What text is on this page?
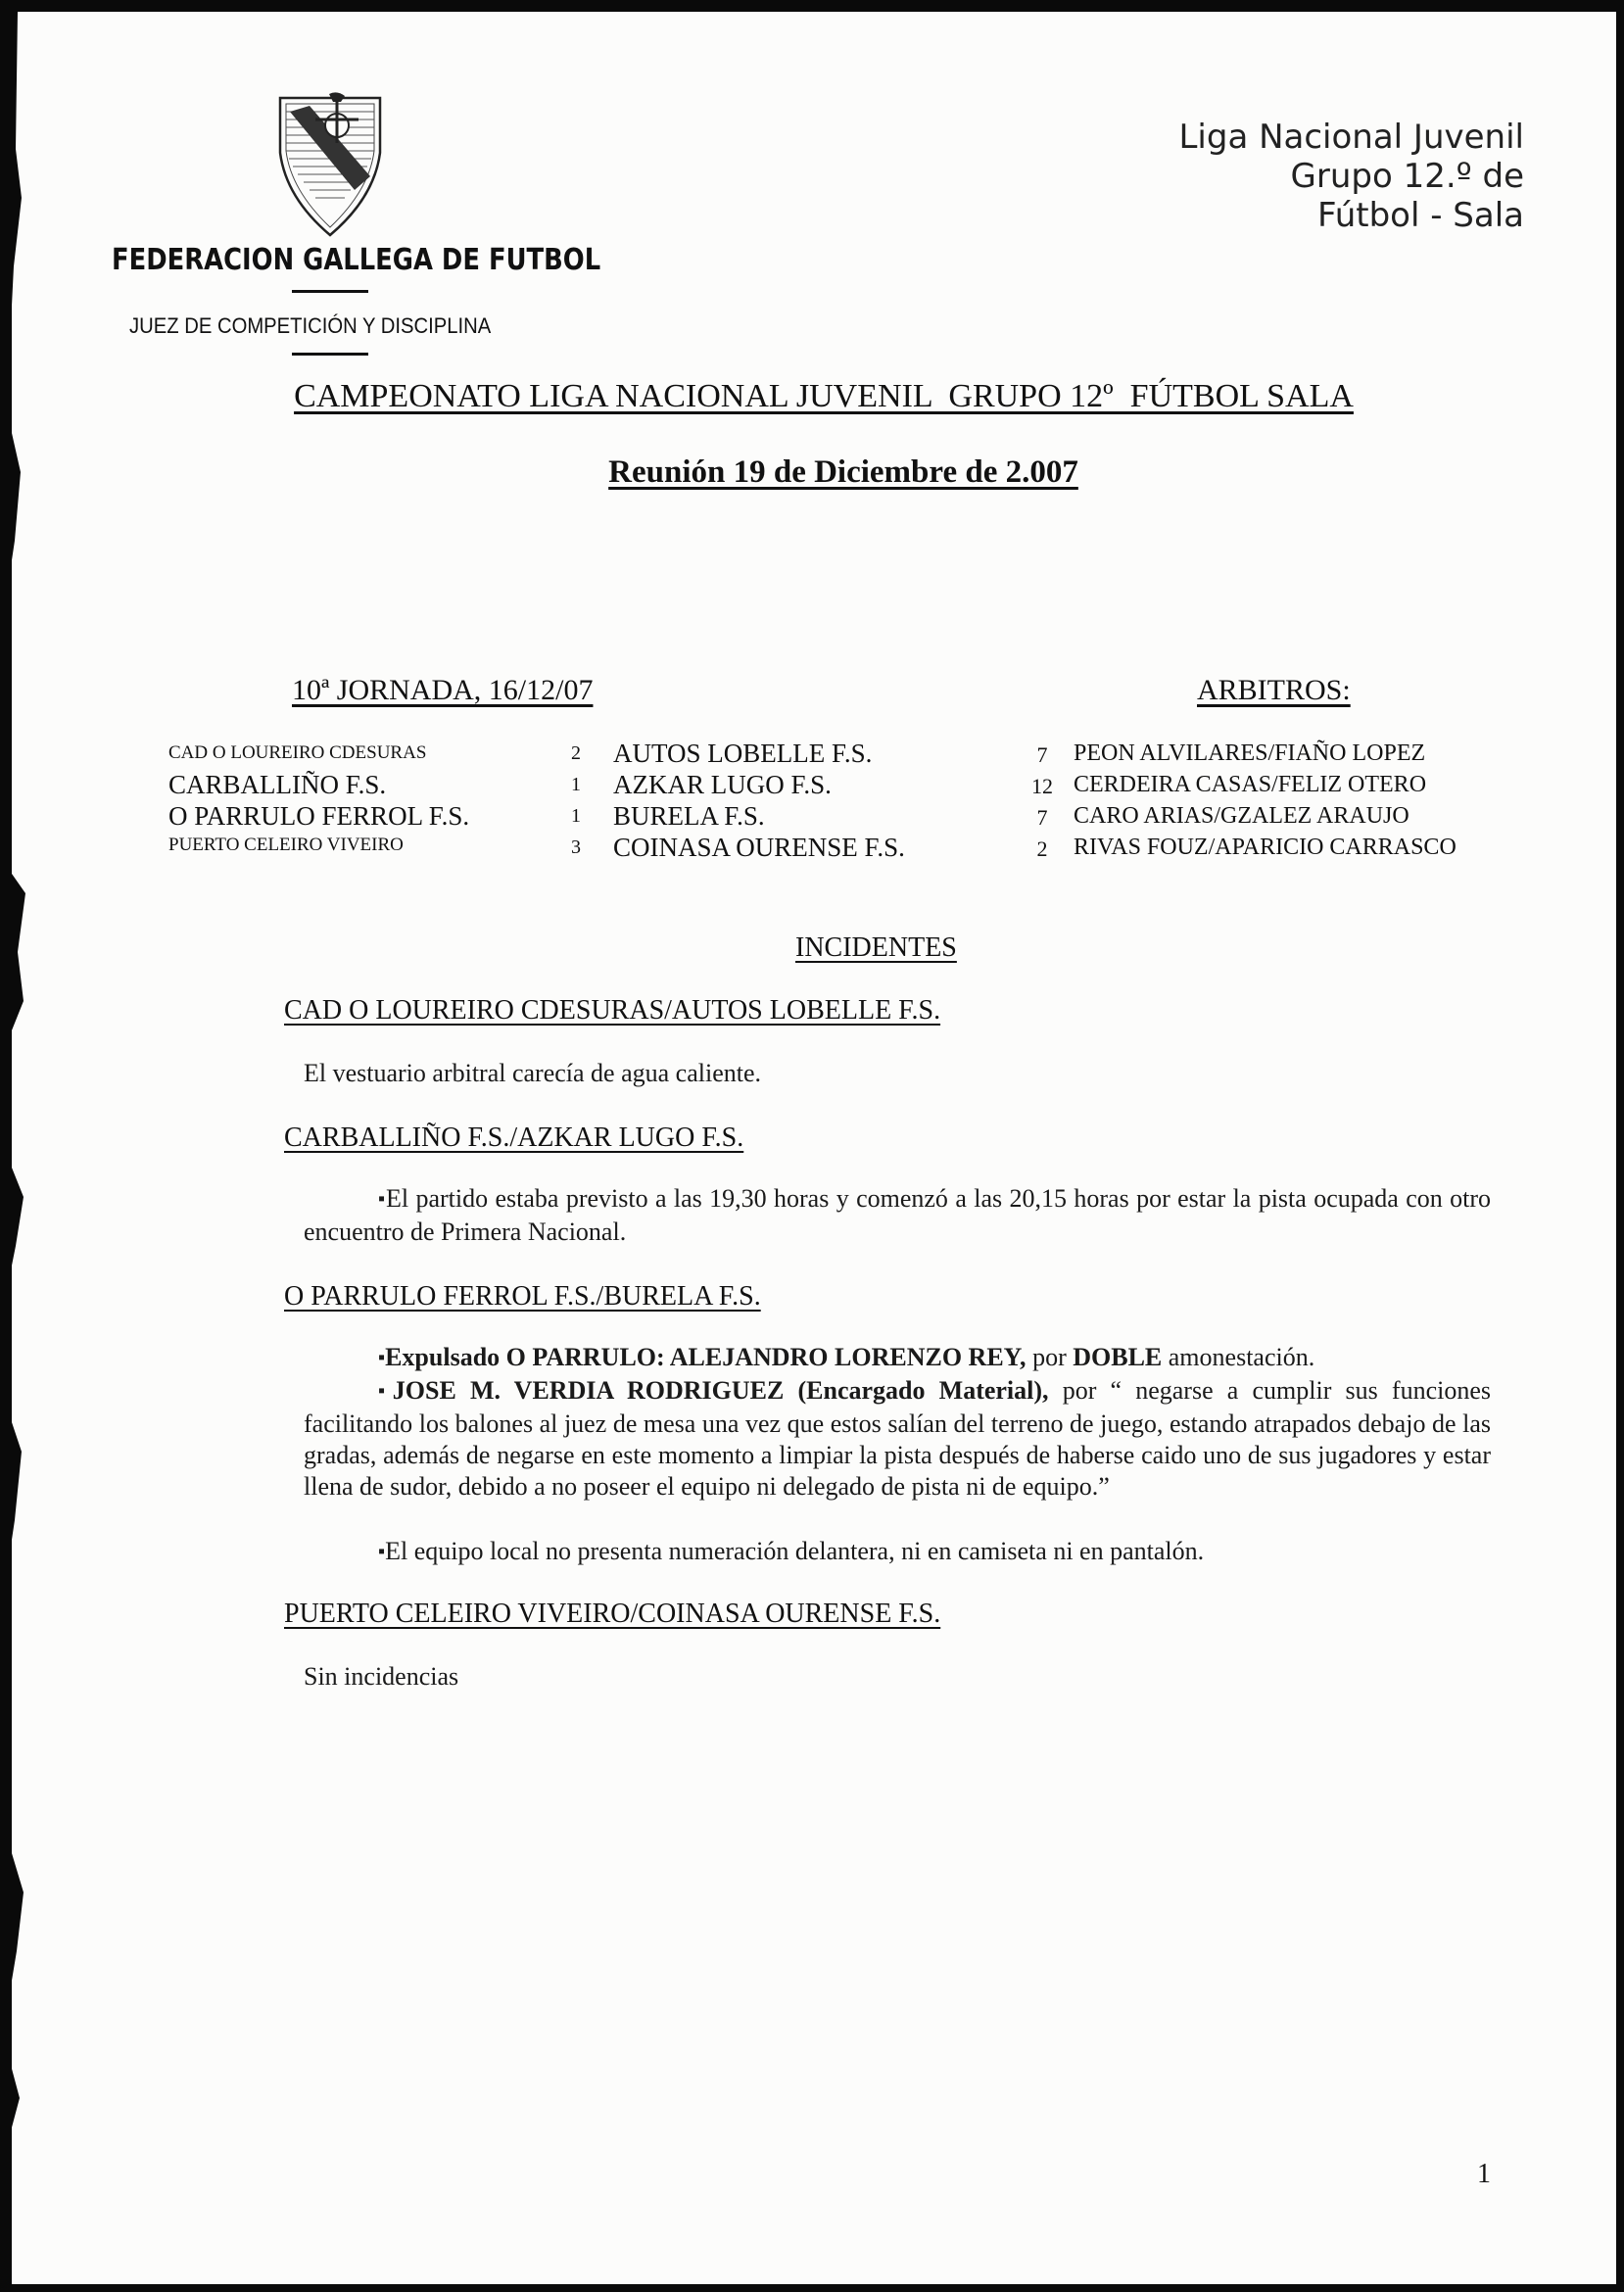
FEDERACION GALLEGA DE FUTBOL
JUEZ DE COMPETICIÓN Y DISCIPLINA
Liga Nacional Juvenil
Grupo 12.º de
Fútbol - Sala
CAMPEONATO LIGA NACIONAL JUVENIL  GRUPO 12º  FÚTBOL SALA
Reunión 19 de Diciembre de 2.007
10ª JORNADA, 16/12/07	ARBITROS:
CAD O LOUREIRO CDESURAS	2 AUTOS LOBELLE F.S.	7	PEON ALVILARES/FIAÑO LOPEZ
CARBALLIÑO F.S.	1 AZKAR LUGO F.S.	12 CERDEIRA CASAS/FELIZ OTERO
O PARRULO FERROL F.S.	1 BURELA F.S.	7	CARO ARIAS/GZALEZ ARAUJO
PUERTO CELEIRO VIVEIRO	3 COINASA OURENSE F.S.	2	RIVAS FOUZ/APARICIO CARRASCO
INCIDENTES
CAD O LOUREIRO CDESURAS/AUTOS LOBELLE F.S.
El vestuario arbitral carecía de agua caliente.
CARBALLIÑO F.S./AZKAR LUGO F.S.
▪ El partido estaba previsto a las 19,30 horas y comenzó a las 20,15 horas por estar la pista ocupada con otro encuentro de Primera Nacional.
O PARRULO FERROL F.S./BURELA F.S.
▪ Expulsado O PARRULO: ALEJANDRO LORENZO REY, por DOBLE amonestación.
▪ JOSE M. VERDIA RODRIGUEZ (Encargado Material), por “ negarse a cumplir sus funciones facilitando los balones al juez de mesa una vez que estos salían del terreno de juego, estando atrapados debajo de las gradas, además de negarse en este momento a limpiar la pista después de haberse caido uno de sus jugadores y estar llena de sudor, debido a no poseer el equipo ni delegado de pista ni de equipo.”
▪ El equipo local no presenta numeración delantera, ni en camiseta ni en pantalón.
PUERTO CELEIRO VIVEIRO/COINASA OURENSE F.S.
Sin incidencias
1
